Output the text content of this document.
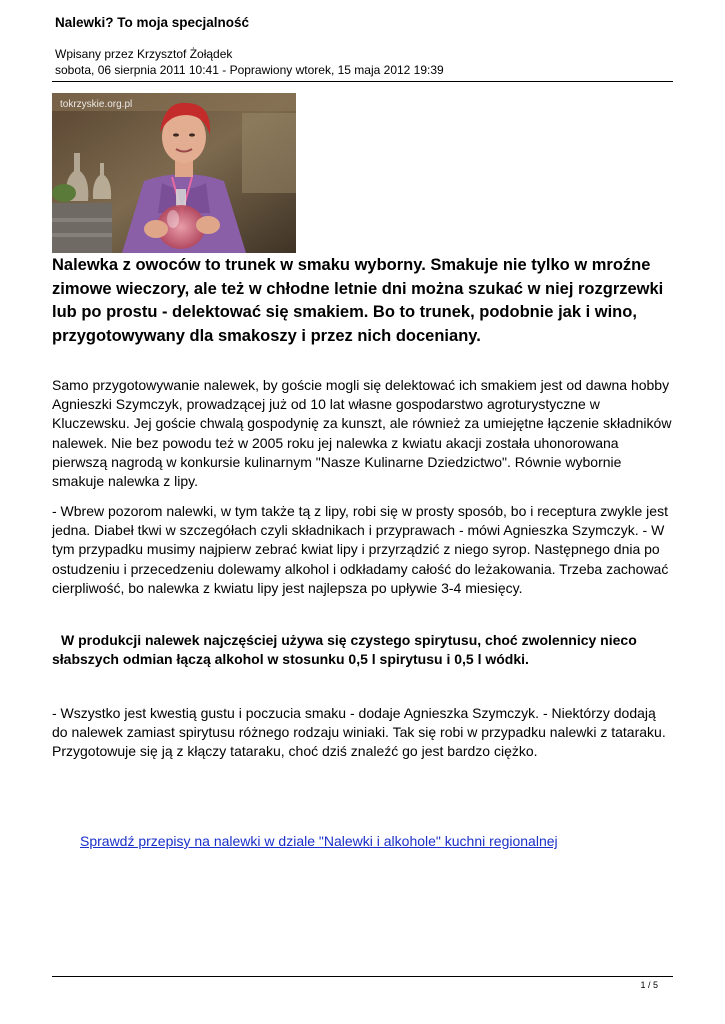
Nalewki? To moja specjalność
Wpisany przez Krzysztof Żołądek
sobota, 06 sierpnia 2011 10:41 - Poprawiony wtorek, 15 maja 2012 19:39
tokrzyskie.org.pl

Nalewka z owoców to trunek w smaku wyborny. Smakuje nie tylko w mroźne zimowe wieczory, ale też w chłodne letnie dni można szukać w niej rozgrzewki lub po prostu - delektować się smakiem. Bo to trunek, podobnie jak i wino, przygotowywany dla smakoszy i przez nich doceniany.

Samo przygotowywanie nalewek, by goście mogli się delektować ich smakiem jest od dawna hobby Agnieszki Szymczyk, prowadzącej już od 10 lat własne gospodarstwo agroturystyczne w Kluczewsku. Jej goście chwalą gospodynię za kunszt, ale również za umiejętne łączenie składników nalewek. Nie bez powodu też w 2005 roku jej nalewka z kwiatu akacji została uhonorowana pierwszą nagrodą w konkursie kulinarnym "Nasze Kulinarne Dziedzictwo". Równie wybornie smakuje nalewka z lipy.

- Wbrew pozorom nalewki, w tym także tą z lipy, robi się w prosty sposób, bo i receptura zwykle jest jedna. Diabeł tkwi w szczegółach czyli składnikach i przyprawach - mówi Agnieszka Szymczyk. - W tym przypadku musimy najpierw zebrać kwiat lipy i przyrządzić z niego syrop. Następnego dnia po ostudzeniu i przecedzeniu dolewamy alkohol i odkładamy całość do leżakowania. Trzeba zachować cierpliwość, bo nalewka z kwiatu lipy jest najlepsza po upływie 3-4 miesięcy.

W produkcji nalewek najczęściej używa się czystego spirytusu, choć zwolennicy nieco słabszych odmian łączą alkohol w stosunku 0,5 l spirytusu i 0,5 l wódki.

- Wszystko jest kwestią gustu i poczucia smaku - dodaje Agnieszka Szymczyk. - Niektórzy dodają do nalewek zamiast spirytusu różnego rodzaju winiaki. Tak się robi w przypadku nalewki z tataraku. Przygotowuje się ją z kłączy tataraku, choć dziś znaleźć go jest bardzo ciężko.

Sprawdź przepisy na nalewki w dziale "Nalewki i alkohole" kuchni regionalnej
1 / 5
